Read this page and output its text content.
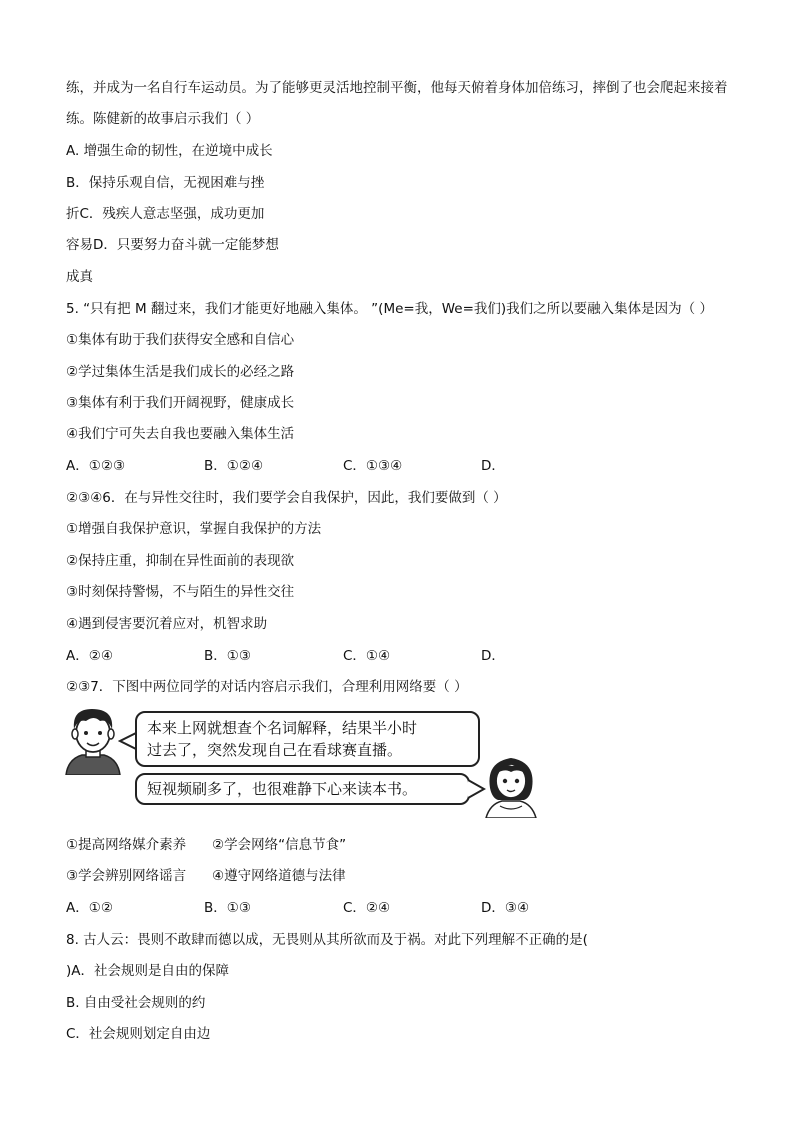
练，并成为一名自行车运动员。为了能够更灵活地控制平衡，他每天俯着身体加倍练习，摔倒了也会爬起来接着
练。陈健新的故事启示我们（ ）
A. 增强生命的韧性，在逆境中成长
B．保持乐观自信，无视困难与挫
折C．残疾人意志坚强，成功更加
容易D．只要努力奋斗就一定能梦想
成真
5. “只有把 M 翻过来，我们才能更好地融入集体。 ”(Me=我，We=我们)我们之所以要融入集体是因为（ ）
①集体有助于我们获得安全感和自信心
②学过集体生活是我们成长的必经之路
③集体有利于我们开阔视野，健康成长
④我们宁可失去自我也要融入集体生活
A．①②③	B．①②④	C．①③④	D．
②③④6．在与异性交往时，我们要学会自我保护，因此，我们要做到（ ）
①增强自我保护意识，掌握自我保护的方法
②保持庄重，抑制在异性面前的表现欲
③时刻保持警惕，不与陌生的异性交往
④遇到侵害要沉着应对，机智求助
A．②④	B．①③	C．①④	D．
②③7．下图中两位同学的对话内容启示我们，合理利用网络要（ ）
本来上网就想查个名词解释，结果半小时
过去了，突然发现自己在看球赛直播。
短视频刷多了，也很难静下心来读本书。
①提高网络媒介素养 ②学会网络“信息节食”
③学会辨别网络谣言 ④遵守网络道德与法律
A．①②	B．①③	C．②④	D．③④
8. 古人云：畏则不敢肆而德以成，无畏则从其所欲而及于祸。对此下列理解不正确的是(
)A．社会规则是自由的保障
B. 自由受社会规则的约
C．社会规则划定自由边
